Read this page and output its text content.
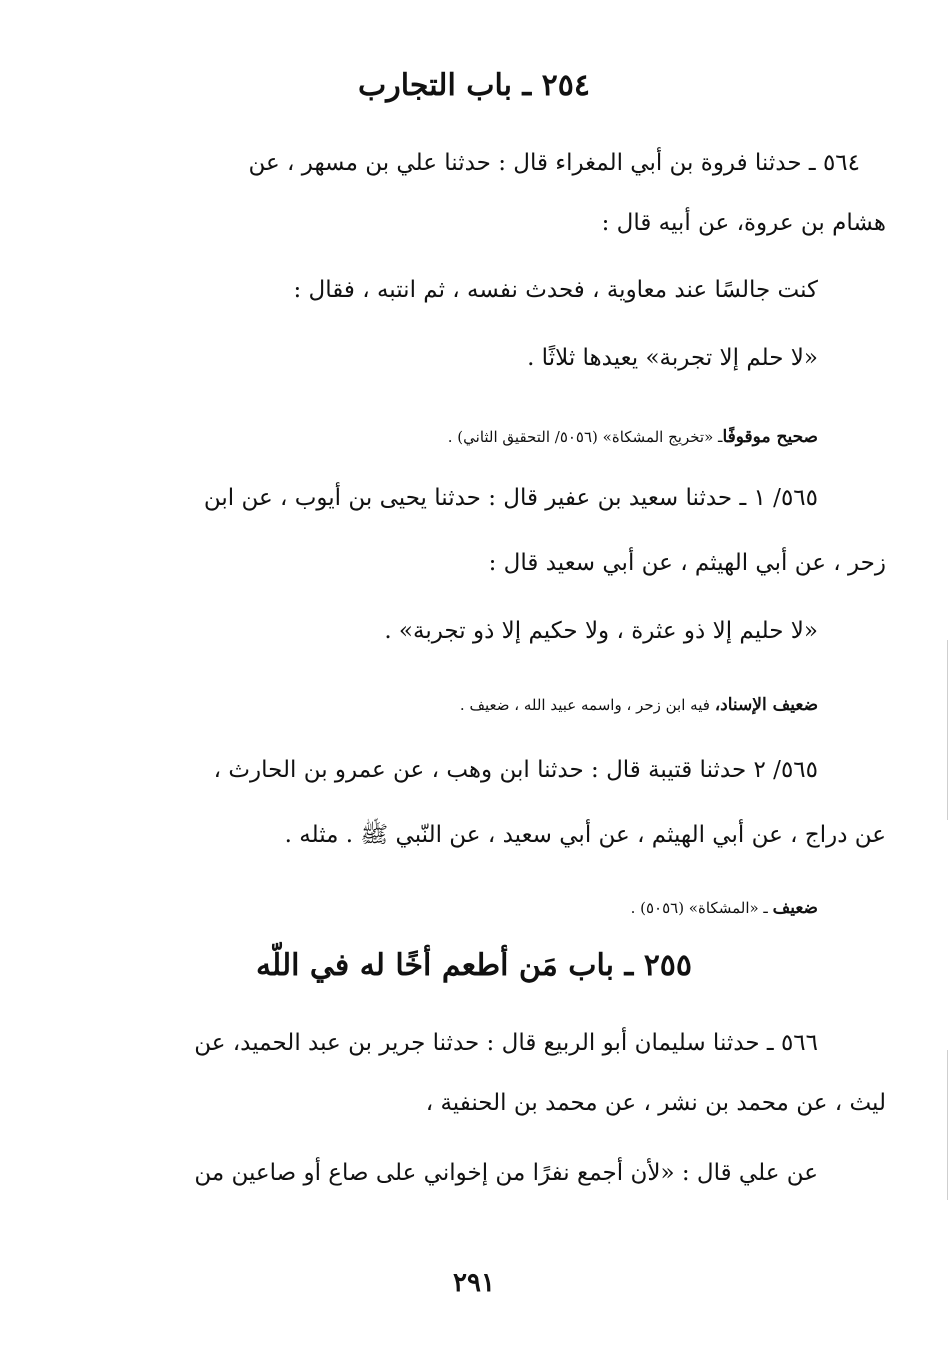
٢٥٤ ـ باب التجارب
٥٦٤ ـ حدثنا فروة بن أبي المغراء قال : حدثنا علي بن مسهر ، عن
هشام بن عروة، عن أبيه قال :
كنت جالسًا عند معاوية ، فحدث نفسه ، ثم انتبه ، فقال :
«لا حلم إلا تجربة» يعيدها ثلاثًا .
صحيح موقوفًاـ «تخريج المشكاة» (٥٠٥٦/ التحقيق الثاني) .
٥٦٥/ ١ ـ حدثنا سعيد بن عفير قال : حدثنا يحيى بن أيوب ، عن ابن
زحر ، عن أبي الهيثم ، عن أبي سعيد قال :
«لا حليم إلا ذو عثرة ، ولا حكيم إلا ذو تجربة» .
ضعيف الإسناد، فيه ابن زحر ، واسمه عبيد الله ، ضعيف .
٥٦٥/ ٢ حدثنا قتيبة قال : حدثنا ابن وهب ، عن عمرو بن الحارث ،
عن دراج ، عن أبي الهيثم ، عن أبي سعيد ، عن النّبي ﷺ . مثله .
ضعيف ـ «المشكاة» (٥٠٥٦) .
٢٥٥ ـ باب مَن أطعم أخًا له في اللّه
٥٦٦ ـ حدثنا سليمان أبو الربيع قال : حدثنا جرير بن عبد الحميد، عن
ليث ، عن محمد بن نشر ، عن محمد بن الحنفية ،
عن علي قال : «لأن أجمع نفرًا من إخواني على صاع أو صاعين من
٢٩١
